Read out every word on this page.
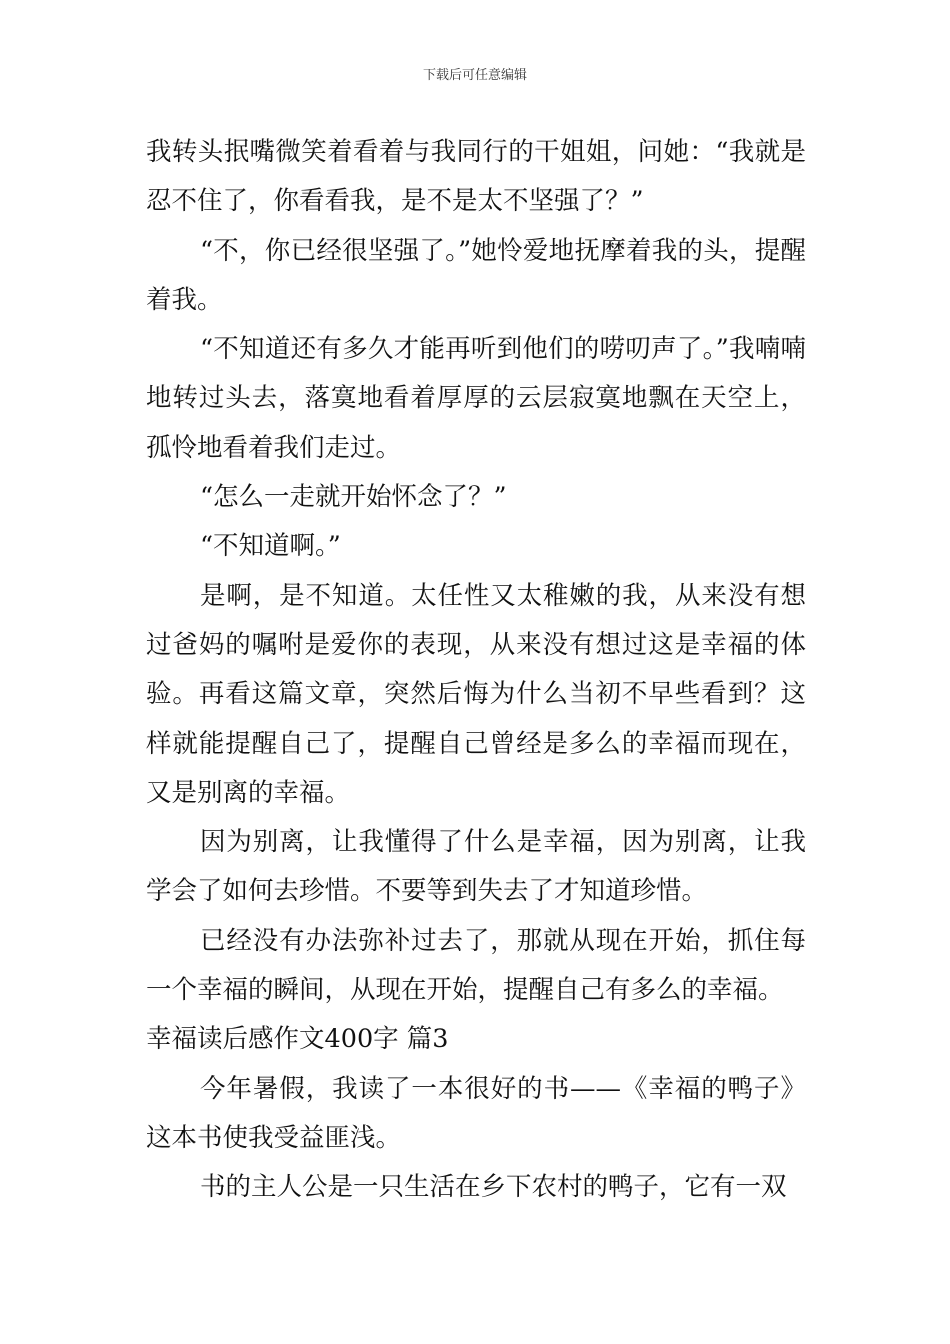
下载后可任意编辑

我转头抿嘴微笑着看着与我同行的干姐姐，问她：“我就是忍不住了，你看看我，是不是太不坚强了？”

“不，你已经很坚强了。”她怜爱地抚摩着我的头，提醒着我。

“不知道还有多久才能再听到他们的唠叨声了。”我喃喃地转过头去，落寞地看着厚厚的云层寂寞地飘在天空上，孤怜地看着我们走过。

“怎么一走就开始怀念了？”

“不知道啊。”

是啊，是不知道。太任性又太稚嫩的我，从来没有想过爸妈的嘱咐是爱你的表现，从来没有想过这是幸福的体验。再看这篇文章，突然后悔为什么当初不早些看到？这样就能提醒自己了，提醒自己曾经是多么的幸福而现在，又是别离的幸福。

因为别离，让我懂得了什么是幸福，因为别离，让我学会了如何去珍惜。不要等到失去了才知道珍惜。

已经没有办法弥补过去了，那就从现在开始，抓住每一个幸福的瞬间，从现在开始，提醒自己有多么的幸福。

幸福读后感作文400字 篇3

今年暑假，我读了一本很好的书——《幸福的鸭子》这本书使我受益匪浅。

书的主人公是一只生活在乡下农村的鸭子，它有一双
